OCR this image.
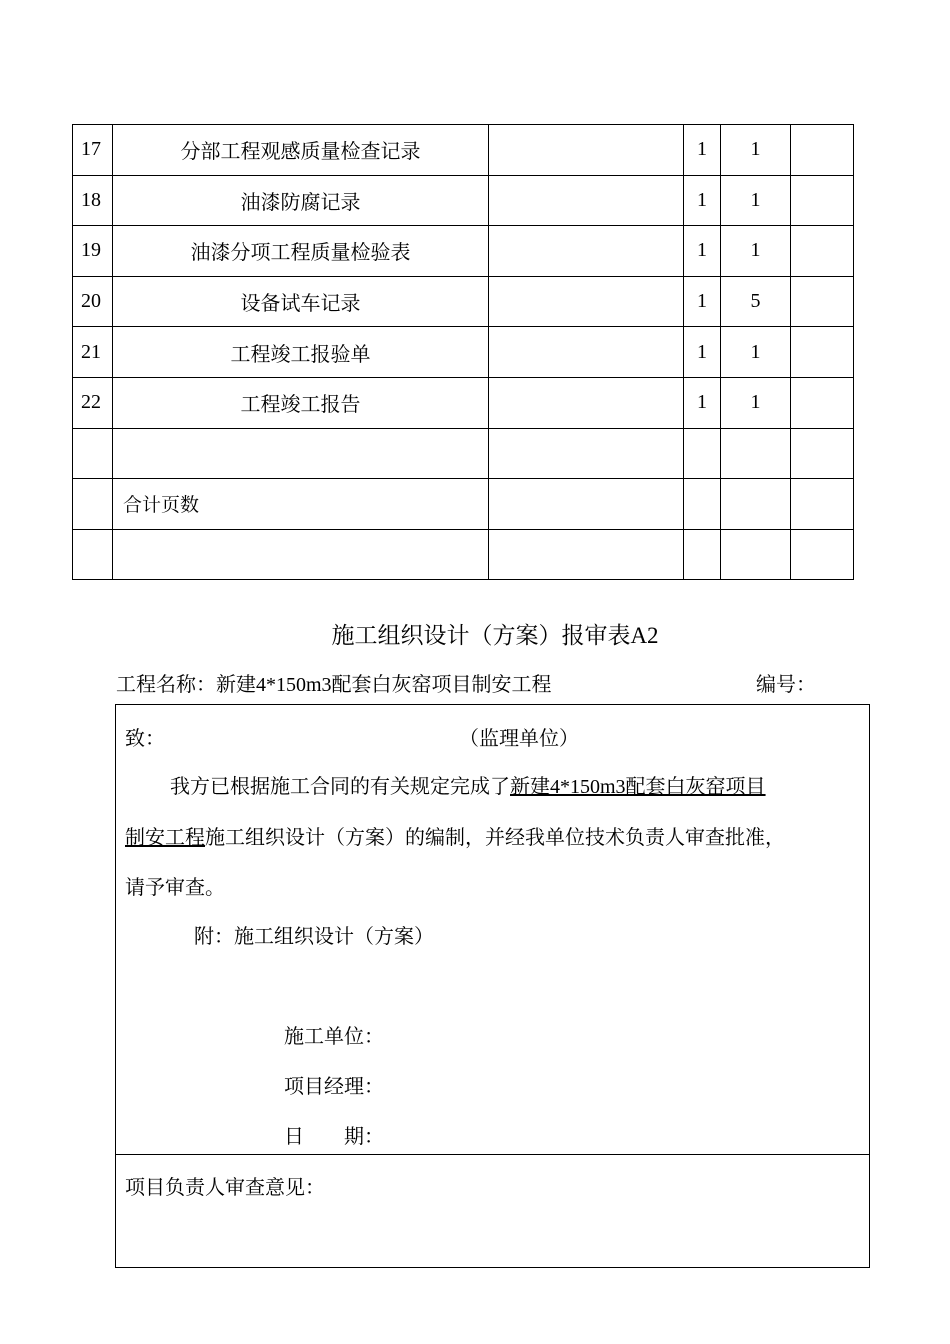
17	分部工程观感质量检查记录		1	1	
18	油漆防腐记录		1	1	
19	油漆分项工程质量检验表		1	1	
20	设备试车记录		1	5	
21	工程竣工报验单		1	1	
22	工程竣工报告		1	1	

	合计页数				

施工组织设计（方案）报审表A2
工程名称：新建4*150m3配套白灰窑项目制安工程	编号：
致：	（监理单位）
我方已根据施工合同的有关规定完成了新建4*150m3配套白灰窑项目
制安工程施工组织设计（方案）的编制，并经我单位技术负责人审查批准，
请予审查。
附：施工组织设计（方案）
施工单位：
项目经理：
日　　期：
项目负责人审查意见：
